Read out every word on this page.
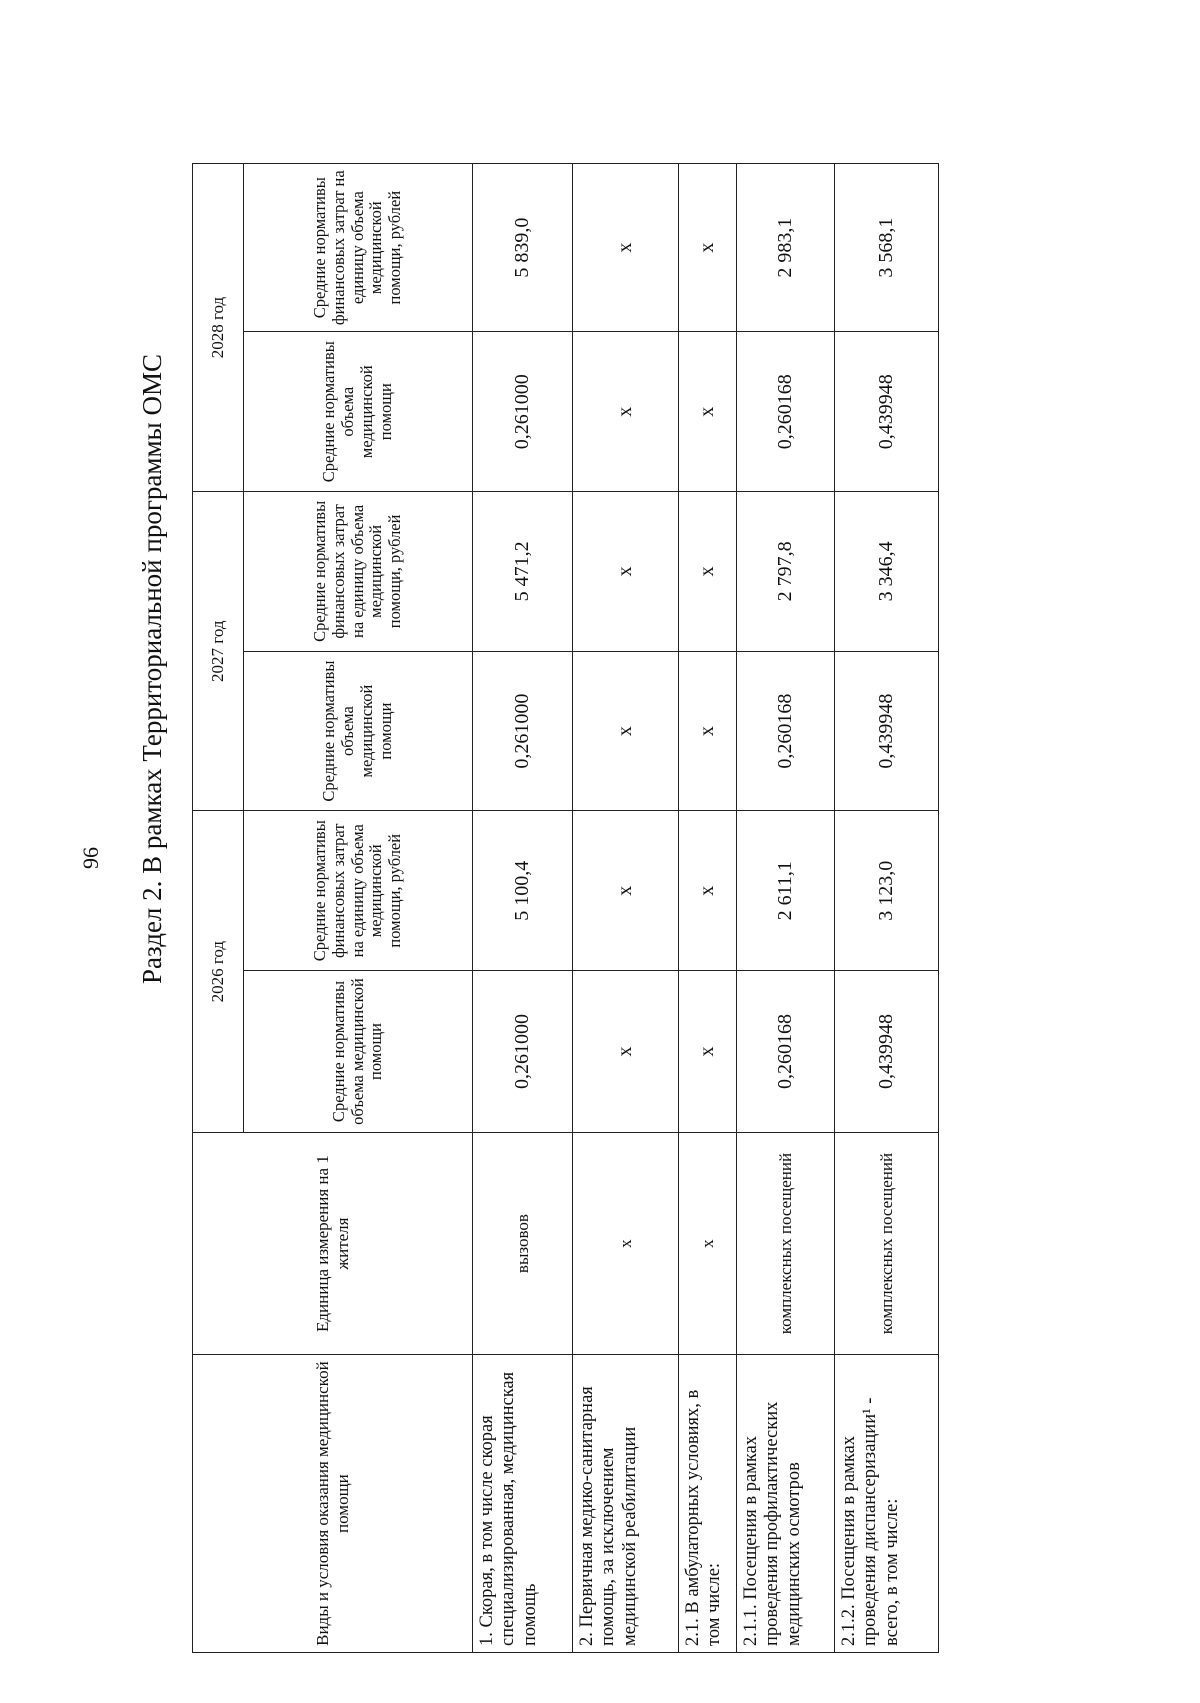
96 Раздел 2. В рамках Территориальной программы ОМС
Виды и условия оказания медицинской помощи	Единица измерения на 1 жителя	2026 год		2027 год		2028 год	
		Средние нормативы объема медицинской помощи	Средние нормативы финансовых затрат на единицу объема медицинской помощи, рублей	Средние нормативы объема медицинской помощи	Средние нормативы финансовых затрат на единицу объема медицинской помощи, рублей	Средние нормативы объема медицинской помощи	Средние нормативы финансовых затрат на единицу объема медицинской помощи, рублей
1. Скорая, в том числе скорая специализированная, медицинская помощь	вызовов	0,261000	5 100,4	0,261000	5 471,2	0,261000	5 839,0
2. Первичная медико-санитарная помощь, за исключением медицинской реабилитации	x	x	x	x	x	x	x
2.1. В амбулаторных условиях, в том числе:	x	x	x	x	x	x	x
2.1.1. Посещения в рамках проведения профилактических медицинских осмотров	комплексных посещений	0,260168	2 611,1	0,260168	2 797,8	0,260168	2 983,1
2.1.2. Посещения в рамках проведения диспансеризации¹ - всего, в том числе:	комплексных посещений	0,439948	3 123,0	0,439948	3 346,4	0,439948	3 568,1
